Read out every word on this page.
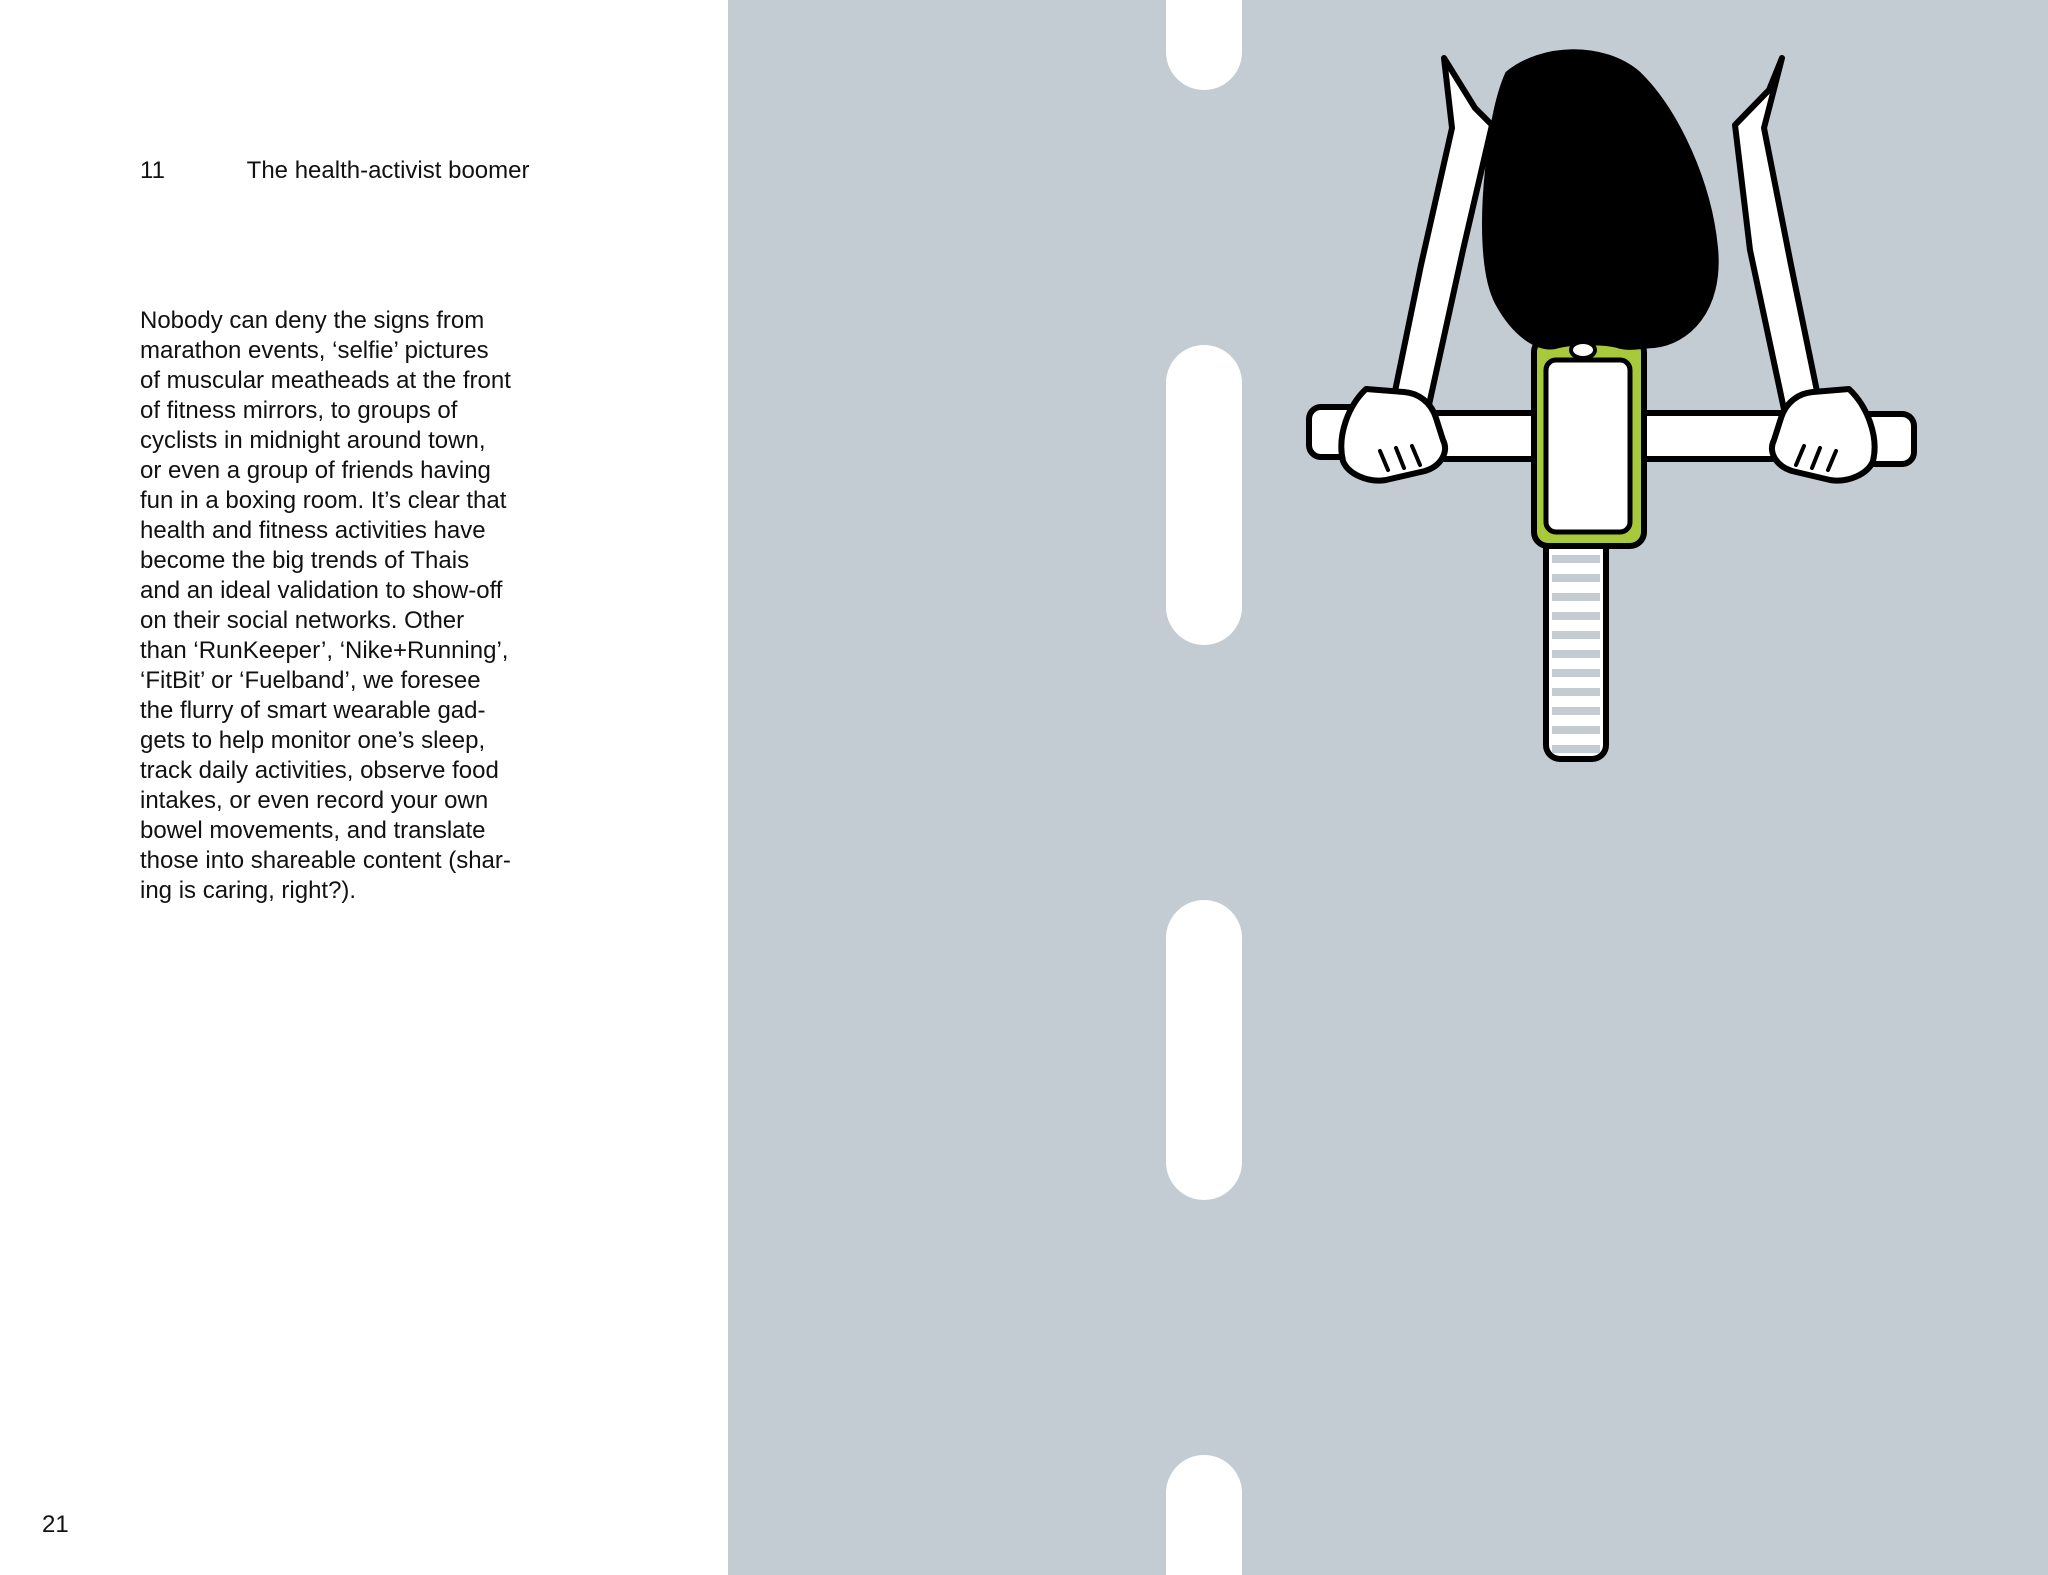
11	The health-activist boomer

Nobody can deny the signs from
marathon events, ‘selfie’ pictures
of muscular meatheads at the front
of fitness mirrors, to groups of
cyclists in midnight around town,
or even a group of friends having
fun in a boxing room. It’s clear that
health and fitness activities have
become the big trends of Thais
and an ideal validation to show-off
on their social networks. Other
than ‘RunKeeper’, ‘Nike+Running’,
‘FitBit’ or ‘Fuelband’, we foresee
the flurry of smart wearable gad-
gets to help monitor one’s sleep,
track daily activities, observe food
intakes, or even record your own
bowel movements, and translate
those into shareable content (shar-
ing is caring, right?).

21
